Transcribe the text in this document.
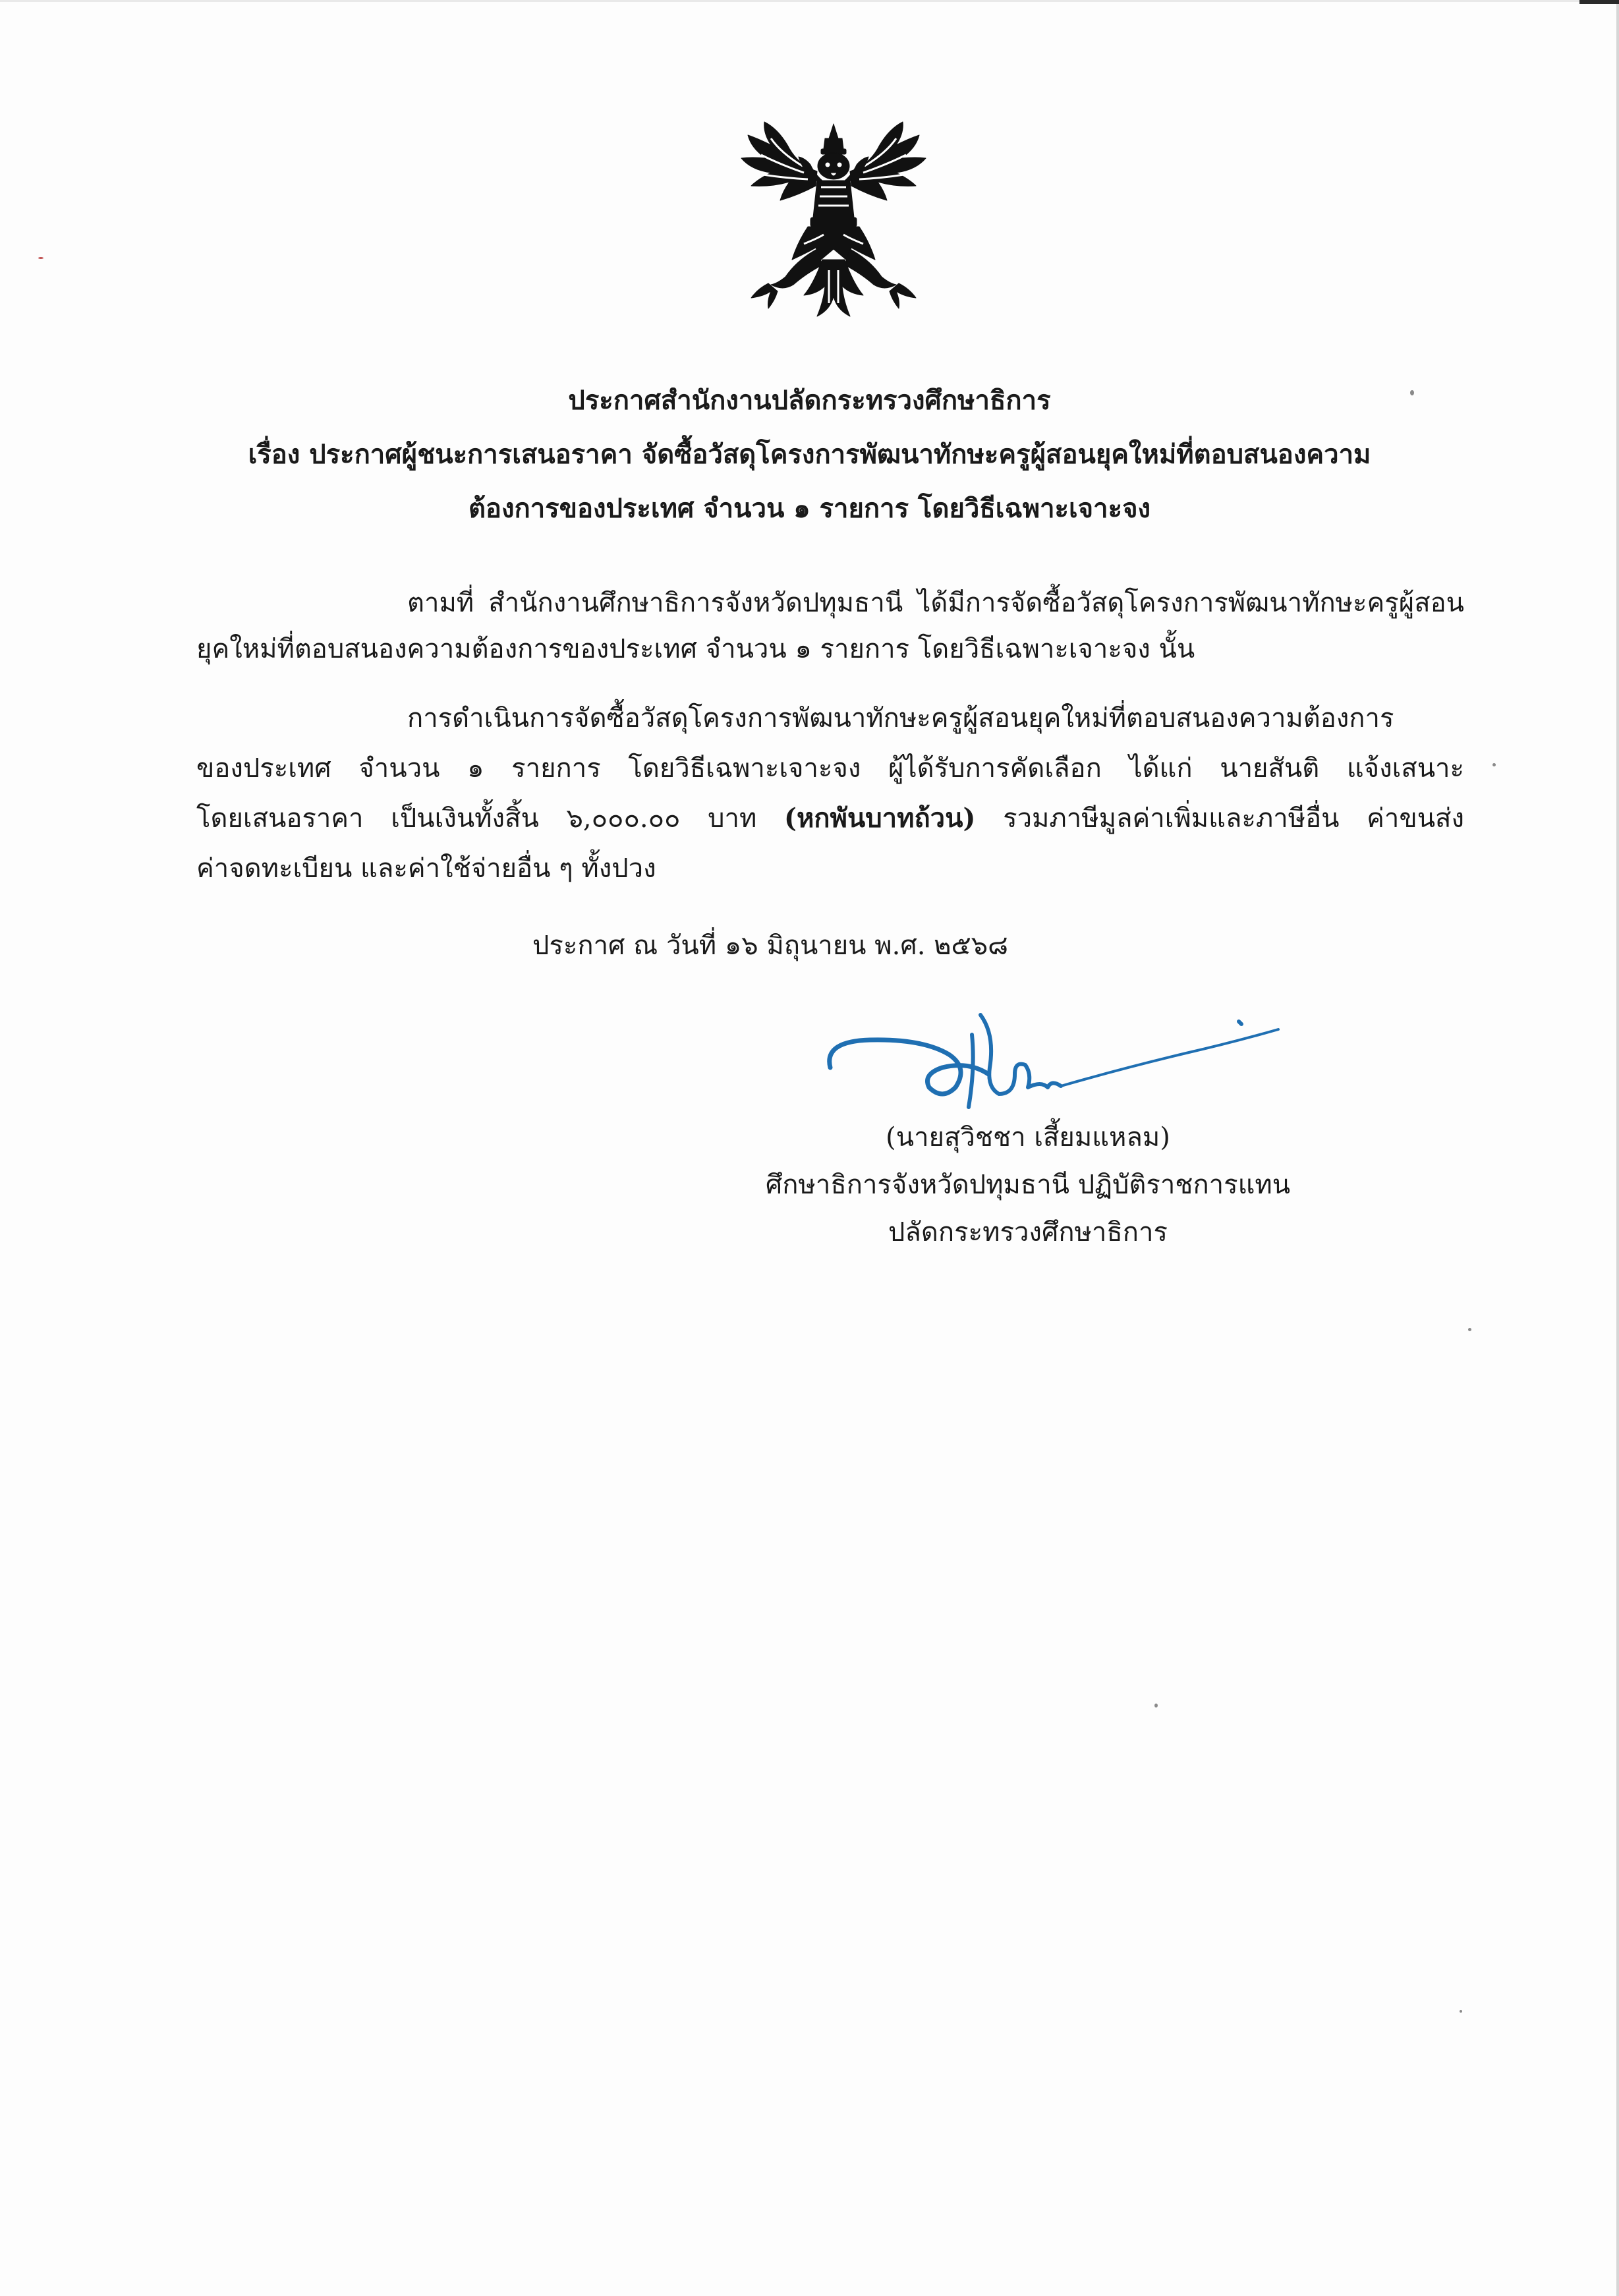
ประกาศสำนักงานปลัดกระทรวงศึกษาธิการ
เรื่อง ประกาศผู้ชนะการเสนอราคา จัดซื้อวัสดุโครงการพัฒนาทักษะครูผู้สอนยุคใหม่ที่ตอบสนองความ
ต้องการของประเทศ จำนวน ๑ รายการ โดยวิธีเฉพาะเจาะจง
ตามที่ สำนักงานศึกษาธิการจังหวัดปทุมธานี ได้มีการจัดซื้อวัสดุโครงการพัฒนาทักษะครูผู้สอน
ยุคใหม่ที่ตอบสนองความต้องการของประเทศ จำนวน ๑ รายการ โดยวิธีเฉพาะเจาะจง นั้น
การดำเนินการจัดซื้อวัสดุโครงการพัฒนาทักษะครูผู้สอนยุคใหม่ที่ตอบสนองความต้องการ
ของประเทศ จำนวน ๑ รายการ โดยวิธีเฉพาะเจาะจง ผู้ได้รับการคัดเลือก ได้แก่ นายสันติ แจ้งเสนาะ
โดยเสนอราคา เป็นเงินทั้งสิ้น ๖,๐๐๐.๐๐ บาท (หกพันบาทถ้วน) รวมภาษีมูลค่าเพิ่มและภาษีอื่น ค่าขนส่ง
ค่าจดทะเบียน และค่าใช้จ่ายอื่น ๆ ทั้งปวง
ประกาศ ณ วันที่ ๑๖ มิถุนายน พ.ศ. ๒๕๖๘
(นายสุวิชชา เสี้ยมแหลม)
ศึกษาธิการจังหวัดปทุมธานี ปฏิบัติราชการแทน
ปลัดกระทรวงศึกษาธิการ
